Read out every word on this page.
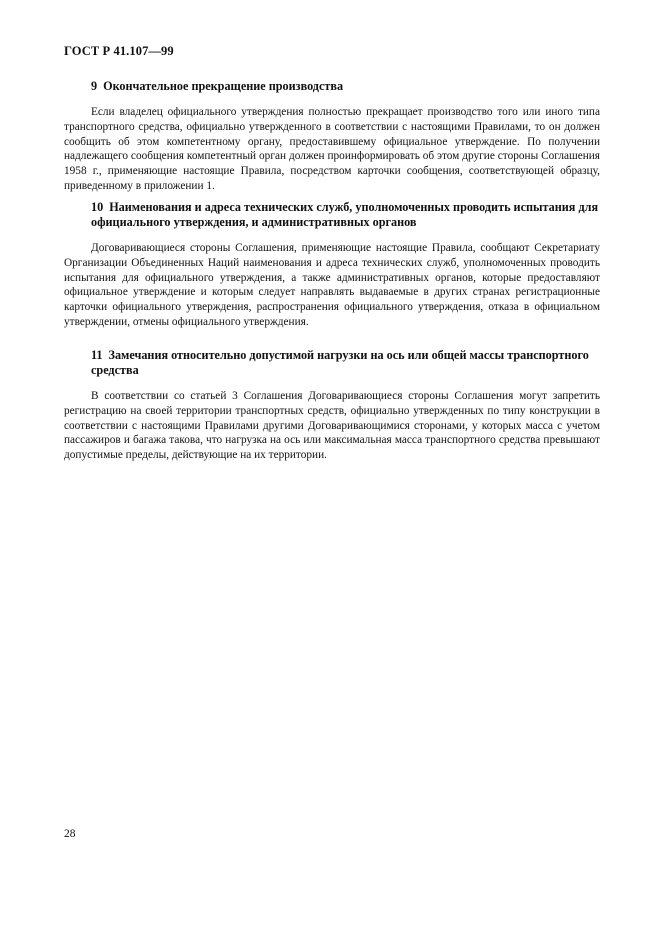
ГОСТ Р 41.107—99
9 Окончательное прекращение производства

Если владелец официального утверждения полностью прекращает производство того или иного типа транспортного средства, официально утвержденного в соответствии с настоящими Правилами, то он должен сообщить об этом компетентному органу, предоставившему официальное утверждение. По получении надлежащего сообщения компетентный орган должен проинформировать об этом другие стороны Соглашения 1958 г., применяющие настоящие Правила, посредством карточки сообщения, соответствующей образцу, приведенному в приложении 1.

10 Наименования и адреса технических служб, уполномоченных проводить испытания для официального утверждения, и административных органов

Договаривающиеся стороны Соглашения, применяющие настоящие Правила, сообщают Секретариату Организации Объединенных Наций наименования и адреса технических служб, уполномоченных проводить испытания для официального утверждения, а также административных органов, которые предоставляют официальное утверждение и которым следует направлять выдаваемые в других странах регистрационные карточки официального утверждения, распространения официального утверждения, отказа в официальном утверждении, отмены официального утверждения.

11 Замечания относительно допустимой нагрузки на ось или общей массы транспортного средства

В соответствии со статьей 3 Соглашения Договаривающиеся стороны Соглашения могут запретить регистрацию на своей территории транспортных средств, официально утвержденных по типу конструкции в соответствии с настоящими Правилами другими Договаривающимися сторонами, у которых масса с учетом пассажиров и багажа такова, что нагрузка на ось или максимальная масса транспортного средства превышают допустимые пределы, действующие на их территории.

28
